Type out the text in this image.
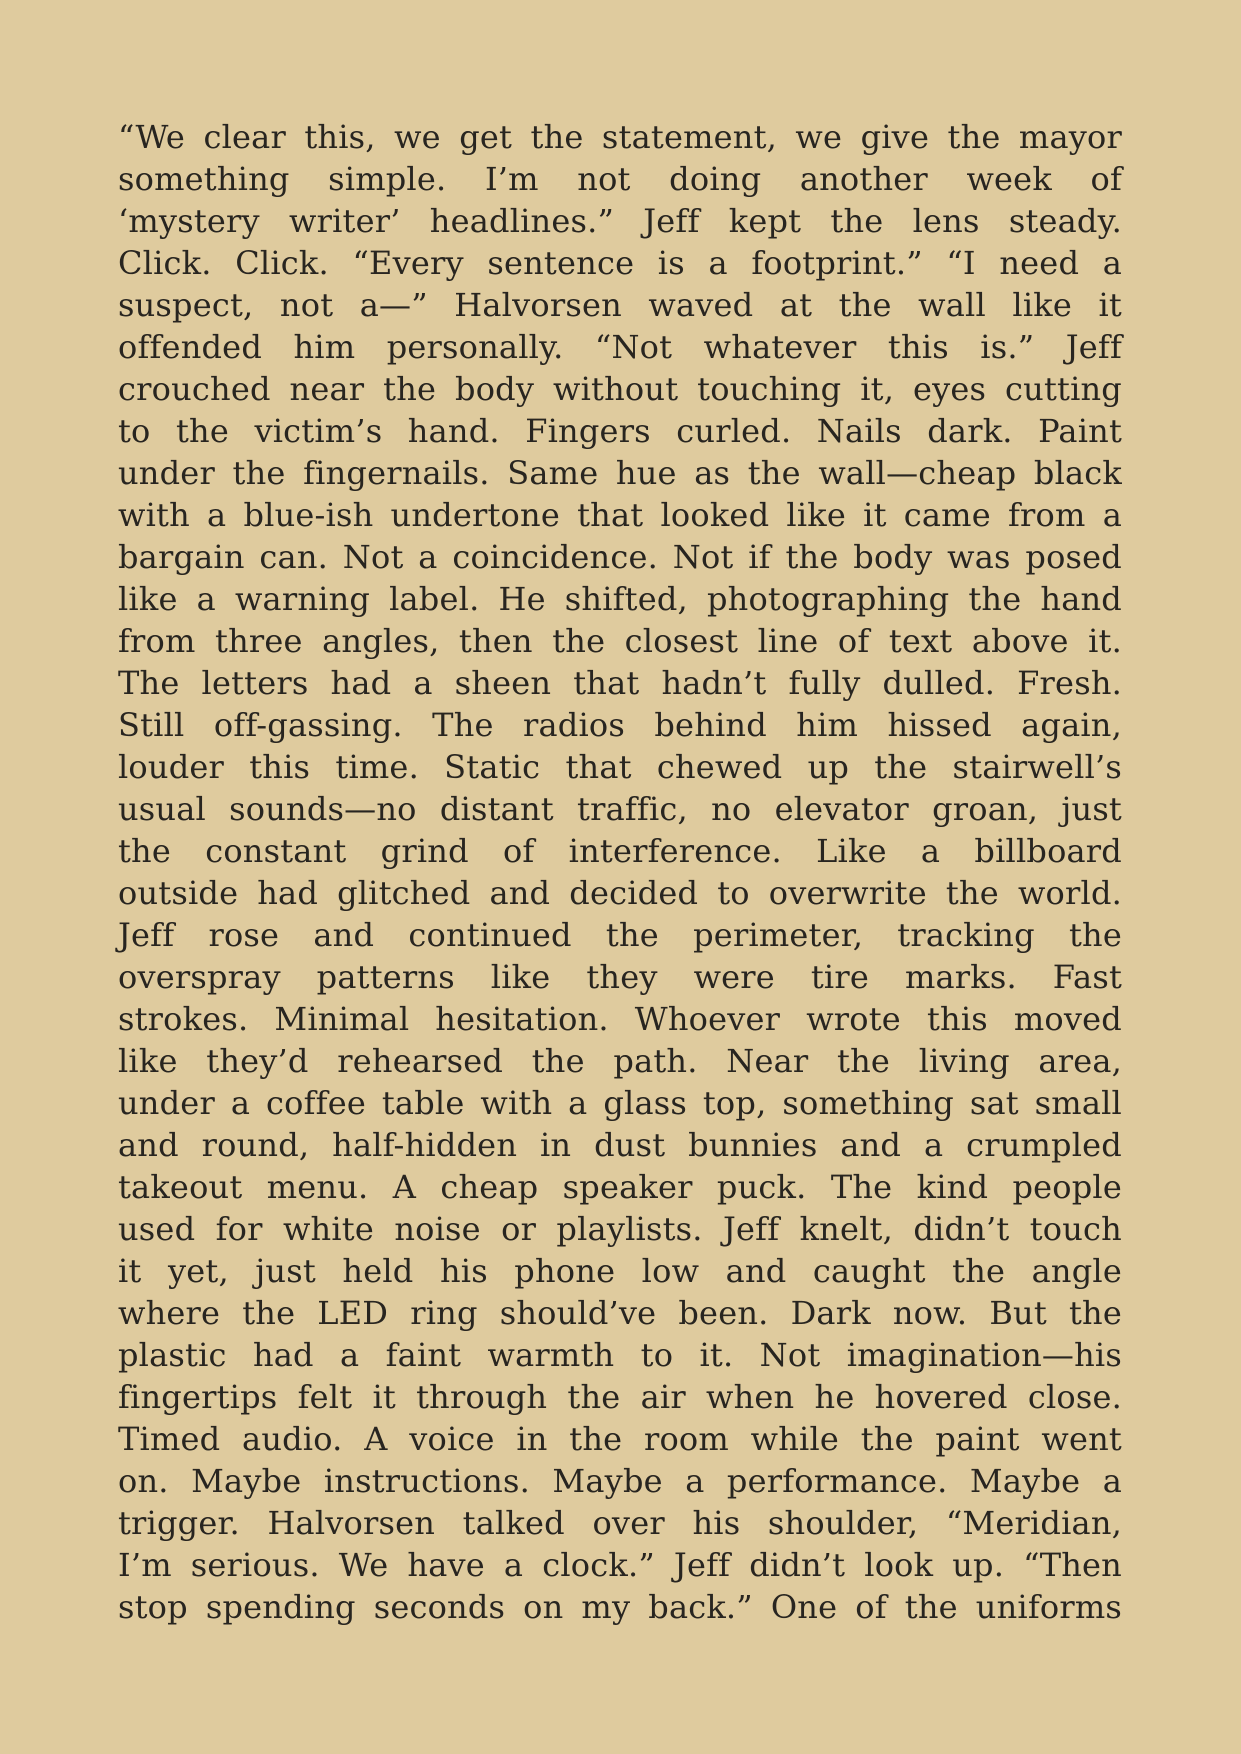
“We clear this, we get the statement, we give the mayor
something simple. I’m not doing another week of
‘mystery writer’ headlines.” Jeff kept the lens steady.
Click. Click. “Every sentence is a footprint.” “I need a
suspect, not a—” Halvorsen waved at the wall like it
offended him personally. “Not whatever this is.” Jeff
crouched near the body without touching it, eyes cutting
to the victim’s hand. Fingers curled. Nails dark. Paint
under the fingernails. Same hue as the wall—cheap black
with a blue-ish undertone that looked like it came from a
bargain can. Not a coincidence. Not if the body was posed
like a warning label. He shifted, photographing the hand
from three angles, then the closest line of text above it.
The letters had a sheen that hadn’t fully dulled. Fresh.
Still off-gassing. The radios behind him hissed again,
louder this time. Static that chewed up the stairwell’s
usual sounds—no distant traffic, no elevator groan, just
the constant grind of interference. Like a billboard
outside had glitched and decided to overwrite the world.
Jeff rose and continued the perimeter, tracking the
overspray patterns like they were tire marks. Fast
strokes. Minimal hesitation. Whoever wrote this moved
like they’d rehearsed the path. Near the living area,
under a coffee table with a glass top, something sat small
and round, half-hidden in dust bunnies and a crumpled
takeout menu. A cheap speaker puck. The kind people
used for white noise or playlists. Jeff knelt, didn’t touch
it yet, just held his phone low and caught the angle
where the LED ring should’ve been. Dark now. But the
plastic had a faint warmth to it. Not imagination—his
fingertips felt it through the air when he hovered close.
Timed audio. A voice in the room while the paint went
on. Maybe instructions. Maybe a performance. Maybe a
trigger. Halvorsen talked over his shoulder, “Meridian,
I’m serious. We have a clock.” Jeff didn’t look up. “Then
stop spending seconds on my back.” One of the uniforms
